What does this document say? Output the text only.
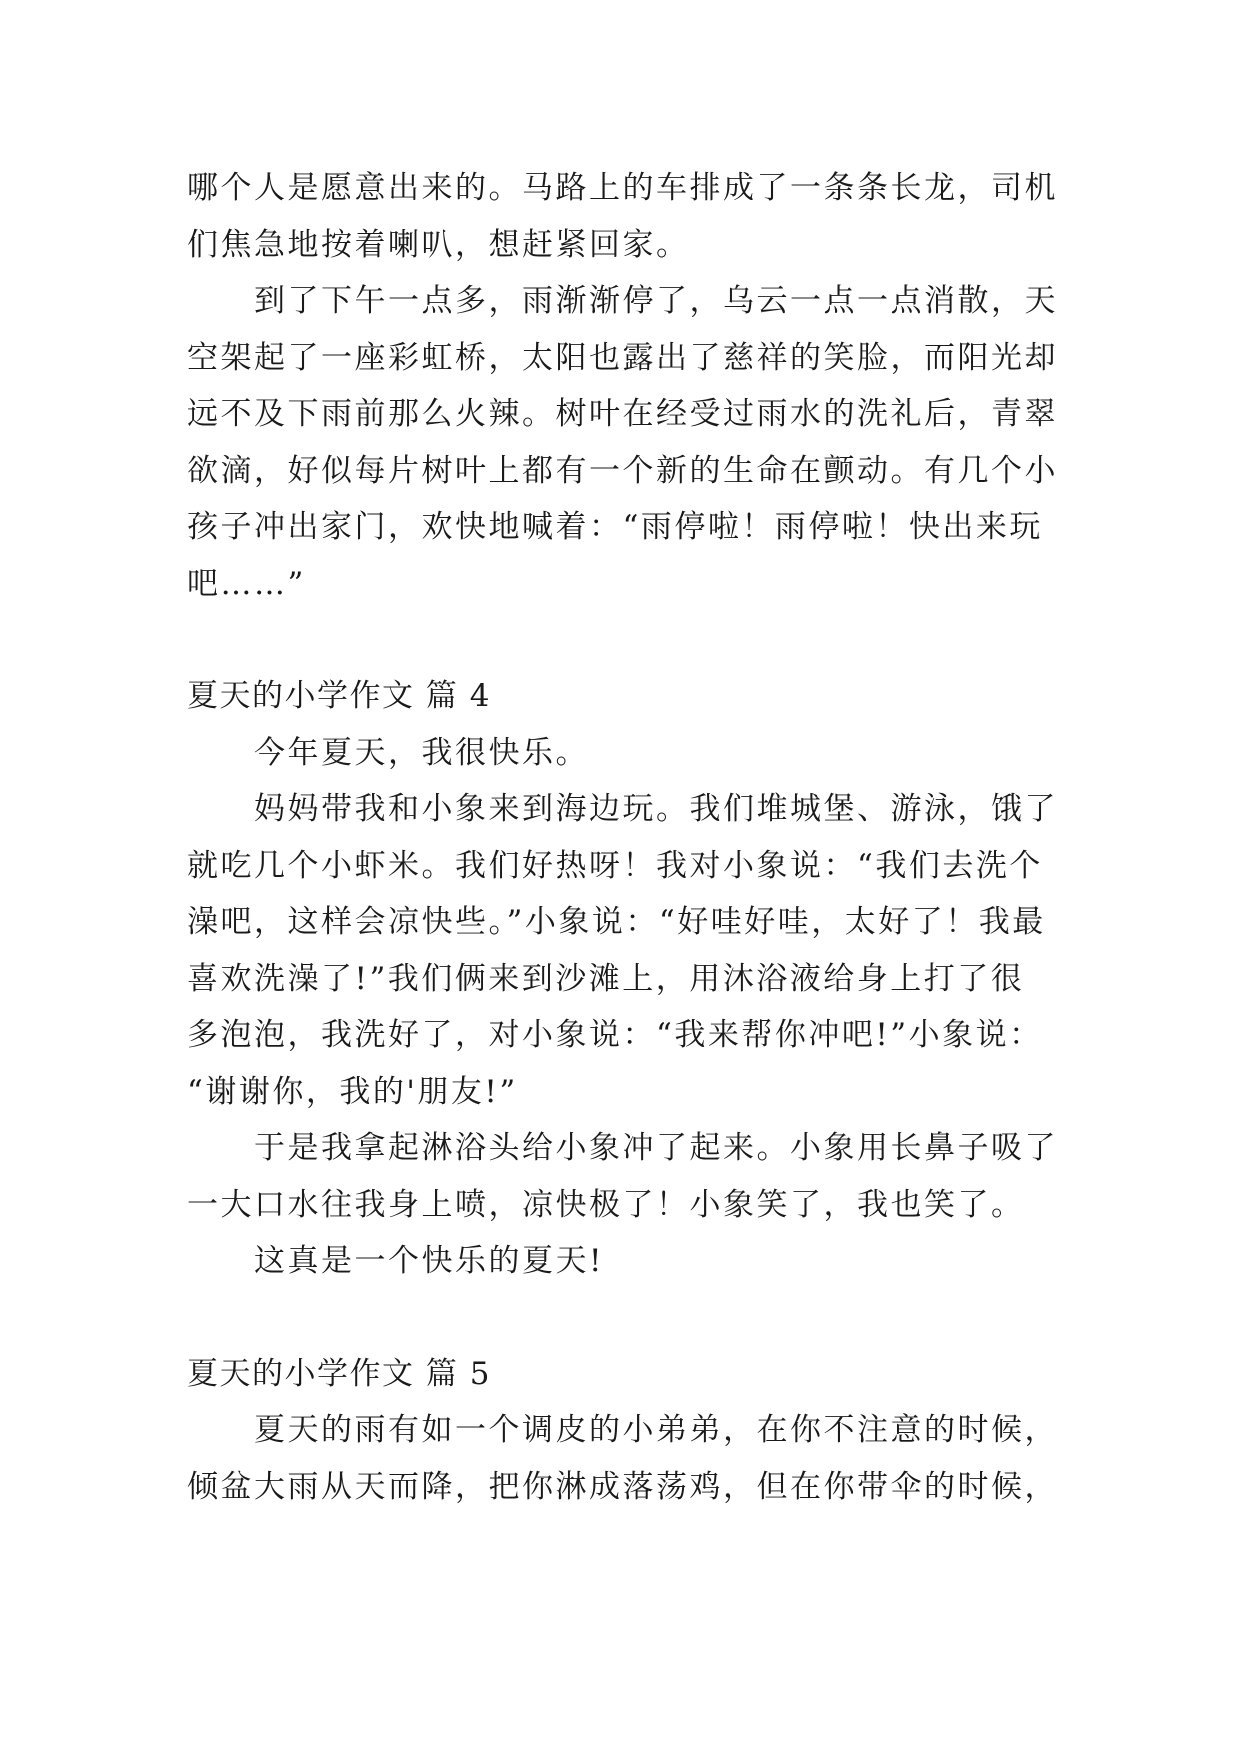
哪个人是愿意出来的。马路上的车排成了一条条长龙，司机
们焦急地按着喇叭，想赶紧回家。
到了下午一点多，雨渐渐停了，乌云一点一点消散，天
空架起了一座彩虹桥，太阳也露出了慈祥的笑脸，而阳光却
远不及下雨前那么火辣。树叶在经受过雨水的洗礼后，青翠
欲滴，好似每片树叶上都有一个新的生命在颤动。有几个小
孩子冲出家门，欢快地喊着：“雨停啦！雨停啦！快出来玩
吧……”
夏天的小学作文 篇 4
今年夏天，我很快乐。
妈妈带我和小象来到海边玩。我们堆城堡、游泳，饿了
就吃几个小虾米。我们好热呀！我对小象说：“我们去洗个
澡吧，这样会凉快些。”小象说：“好哇好哇，太好了！我最
喜欢洗澡了!”我们俩来到沙滩上，用沐浴液给身上打了很
多泡泡，我洗好了，对小象说：“我来帮你冲吧!”小象说：
“谢谢你，我的'朋友!”
于是我拿起淋浴头给小象冲了起来。小象用长鼻子吸了
一大口水往我身上喷，凉快极了！小象笑了，我也笑了。
这真是一个快乐的夏天!
夏天的小学作文 篇 5
夏天的雨有如一个调皮的小弟弟，在你不注意的时候，
倾盆大雨从天而降，把你淋成落荡鸡，但在你带伞的时候，
